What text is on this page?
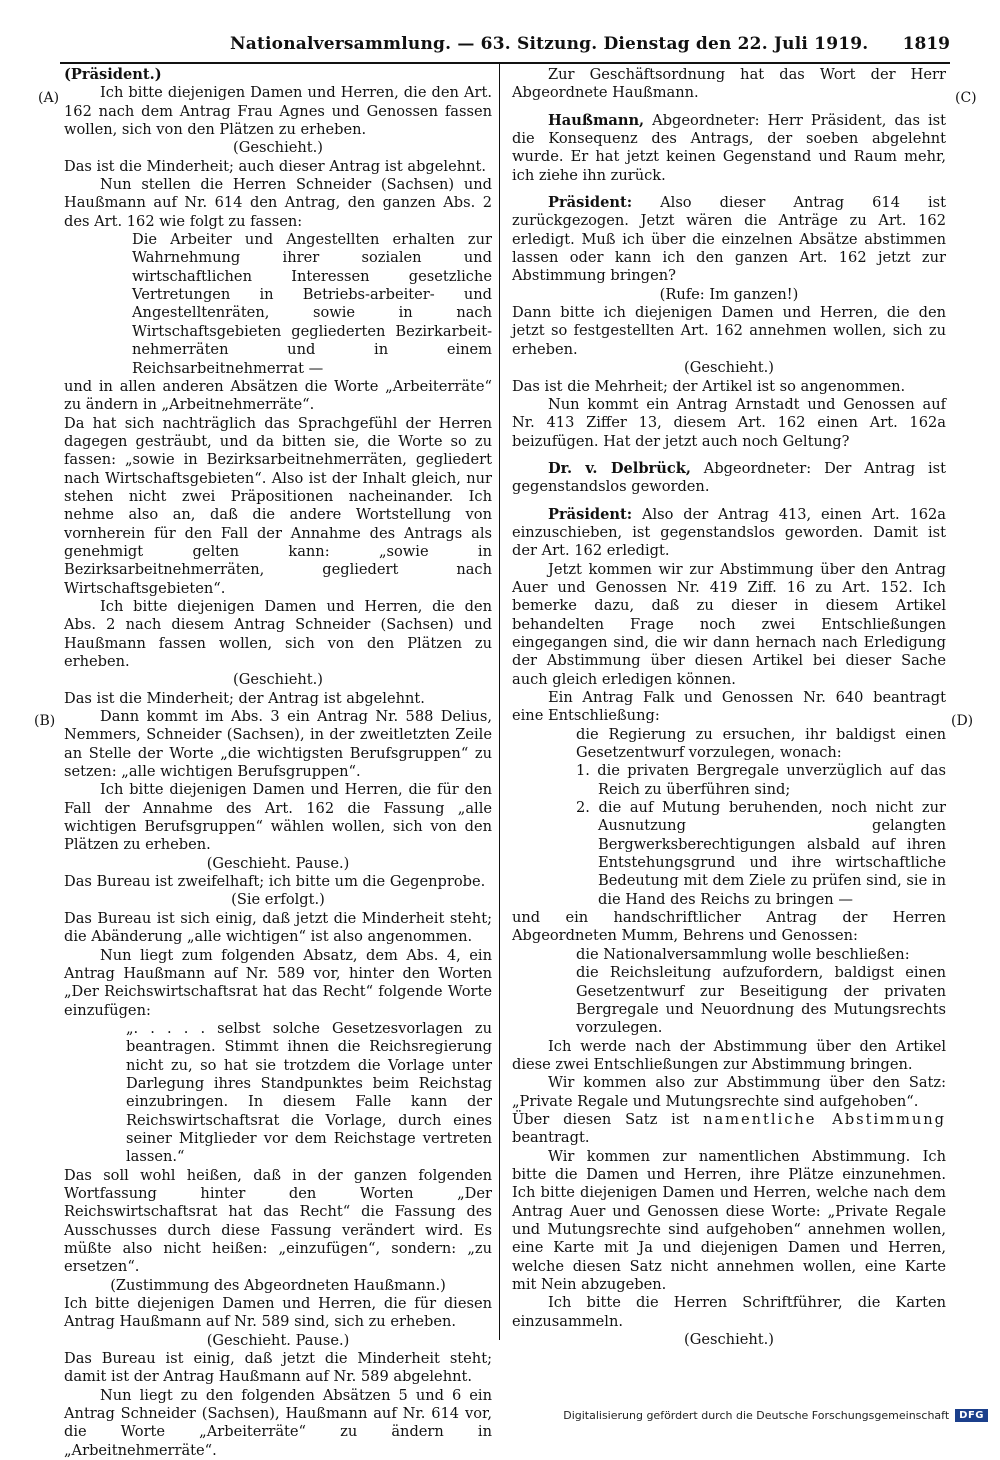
Nationalversammlung. — 63. Sitzung. Dienstag den 22. Juli 1919. 1819
(A)
(B)
(C)
(D)

(Präsident.)

Ich bitte diejenigen Damen und Herren, die den Art. 162 nach dem Antrag Frau Agnes und Genossen fassen wollen, sich von den Plätzen zu erheben.

(Geschieht.)

Das ist die Minderheit; auch dieser Antrag ist abgelehnt.

Nun stellen die Herren Schneider (Sachsen) und Haußmann auf Nr. 614 den Antrag, den ganzen Abs. 2 des Art. 162 wie folgt zu fassen:

Die Arbeiter und Angestellten erhalten zur Wahrnehmung ihrer sozialen und wirtschaftlichen Interessen gesetzliche Vertretungen in Betriebs-arbeiter- und Angestelltenräten, sowie in nach Wirtschaftsgebieten gegliederten Bezirkarbeit-nehmerräten und in einem Reichsarbeitnehmerrat —

und in allen anderen Absätzen die Worte „Arbeiterräte“ zu ändern in „Arbeitnehmerräte“.

Da hat sich nachträglich das Sprachgefühl der Herren dagegen gesträubt, und da bitten sie, die Worte so zu fassen: „sowie in Bezirksarbeitnehmerräten, gegliedert nach Wirtschaftsgebieten“. Also ist der Inhalt gleich, nur stehen nicht zwei Präpositionen nacheinander. Ich nehme also an, daß die andere Wortstellung von vornherein für den Fall der Annahme des Antrags als genehmigt gelten kann: „sowie in Bezirksarbeitnehmerräten, gegliedert nach Wirtschaftsgebieten“.

Ich bitte diejenigen Damen und Herren, die den Abs. 2 nach diesem Antrag Schneider (Sachsen) und Haußmann fassen wollen, sich von den Plätzen zu erheben.

(Geschieht.)

Das ist die Minderheit; der Antrag ist abgelehnt.

Dann kommt im Abs. 3 ein Antrag Nr. 588 Delius, Nemmers, Schneider (Sachsen), in der zweitletzten Zeile an Stelle der Worte „die wichtigsten Berufsgruppen“ zu setzen: „alle wichtigen Berufsgruppen“.

Ich bitte diejenigen Damen und Herren, die für den Fall der Annahme des Art. 162 die Fassung „alle wichtigen Berufsgruppen“ wählen wollen, sich von den Plätzen zu erheben.

(Geschieht. Pause.)

Das Bureau ist zweifelhaft; ich bitte um die Gegenprobe.

(Sie erfolgt.)

Das Bureau ist sich einig, daß jetzt die Minderheit steht; die Abänderung „alle wichtigen“ ist also angenommen.

Nun liegt zum folgenden Absatz, dem Abs. 4, ein Antrag Haußmann auf Nr. 589 vor, hinter den Worten „Der Reichswirtschaftsrat hat das Recht“ folgende Worte einzufügen:

„. . . . . selbst solche Gesetzesvorlagen zu beantragen. Stimmt ihnen die Reichsregierung nicht zu, so hat sie trotzdem die Vorlage unter Darlegung ihres Standpunktes beim Reichstag einzubringen. In diesem Falle kann der Reichswirtschaftsrat die Vorlage, durch eines seiner Mitglieder vor dem Reichstage vertreten lassen.“

Das soll wohl heißen, daß in der ganzen folgenden Wortfassung hinter den Worten „Der Reichswirtschaftsrat hat das Recht“ die Fassung des Ausschusses durch diese Fassung verändert wird. Es müßte also nicht heißen: „einzufügen“, sondern: „zu ersetzen“.

(Zustimmung des Abgeordneten Haußmann.)

Ich bitte diejenigen Damen und Herren, die für diesen Antrag Haußmann auf Nr. 589 sind, sich zu erheben.

(Geschieht. Pause.)

Das Bureau ist einig, daß jetzt die Minderheit steht; damit ist der Antrag Haußmann auf Nr. 589 abgelehnt.

Nun liegt zu den folgenden Absätzen 5 und 6 ein Antrag Schneider (Sachsen), Haußmann auf Nr. 614 vor, die Worte „Arbeiterräte“ zu ändern in „Arbeitnehmerräte“.

Zur Geschäftsordnung hat das Wort der Herr Abgeordnete Haußmann.

Haußmann, Abgeordneter: Herr Präsident, das ist die Konsequenz des Antrags, der soeben abgelehnt wurde. Er hat jetzt keinen Gegenstand und Raum mehr, ich ziehe ihn zurück.

Präsident: Also dieser Antrag 614 ist zurückgezogen. Jetzt wären die Anträge zu Art. 162 erledigt. Muß ich über die einzelnen Absätze abstimmen lassen oder kann ich den ganzen Art. 162 jetzt zur Abstimmung bringen?

(Rufe: Im ganzen!)

Dann bitte ich diejenigen Damen und Herren, die den jetzt so festgestellten Art. 162 annehmen wollen, sich zu erheben.

(Geschieht.)

Das ist die Mehrheit; der Artikel ist so angenommen.

Nun kommt ein Antrag Arnstadt und Genossen auf Nr. 413 Ziffer 13, diesem Art. 162 einen Art. 162a beizufügen. Hat der jetzt auch noch Geltung?

Dr. v. Delbrück, Abgeordneter: Der Antrag ist gegenstandslos geworden.

Präsident: Also der Antrag 413, einen Art. 162a einzuschieben, ist gegenstandslos geworden. Damit ist der Art. 162 erledigt.

Jetzt kommen wir zur Abstimmung über den Antrag Auer und Genossen Nr. 419 Ziff. 16 zu Art. 152. Ich bemerke dazu, daß zu dieser in diesem Artikel behandelten Frage noch zwei Entschließungen eingegangen sind, die wir dann hernach nach Erledigung der Abstimmung über diesen Artikel bei dieser Sache auch gleich erledigen können.

Ein Antrag Falk und Genossen Nr. 640 beantragt eine Entschließung:

die Regierung zu ersuchen, ihr baldigst einen Gesetzentwurf vorzulegen, wonach:

1. die privaten Bergregale unverzüglich auf das Reich zu überführen sind;

2. die auf Mutung beruhenden, noch nicht zur Ausnutzung gelangten Bergwerksberechtigungen alsbald auf ihren Entstehungsgrund und ihre wirtschaftliche Bedeutung mit dem Ziele zu prüfen sind, sie in die Hand des Reichs zu bringen —

und ein handschriftlicher Antrag der Herren Abgeordneten Mumm, Behrens und Genossen:

die Nationalversammlung wolle beschließen:

die Reichsleitung aufzufordern, baldigst einen Gesetzentwurf zur Beseitigung der privaten Bergregale und Neuordnung des Mutungsrechts vorzulegen.

Ich werde nach der Abstimmung über den Artikel diese zwei Entschließungen zur Abstimmung bringen.

Wir kommen also zur Abstimmung über den Satz: „Private Regale und Mutungsrechte sind aufgehoben“.

Über diesen Satz ist namentliche Abstimmung beantragt.

Wir kommen zur namentlichen Abstimmung. Ich bitte die Damen und Herren, ihre Plätze einzunehmen. Ich bitte diejenigen Damen und Herren, welche nach dem Antrag Auer und Genossen diese Worte: „Private Regale und Mutungsrechte sind aufgehoben“ annehmen wollen, eine Karte mit Ja und diejenigen Damen und Herren, welche diesen Satz nicht annehmen wollen, eine Karte mit Nein abzugeben.

Ich bitte die Herren Schriftführer, die Karten einzusammeln.

(Geschieht.)

Digitalisierung gefördert durch die Deutsche Forschungsgemeinschaft	DFG
